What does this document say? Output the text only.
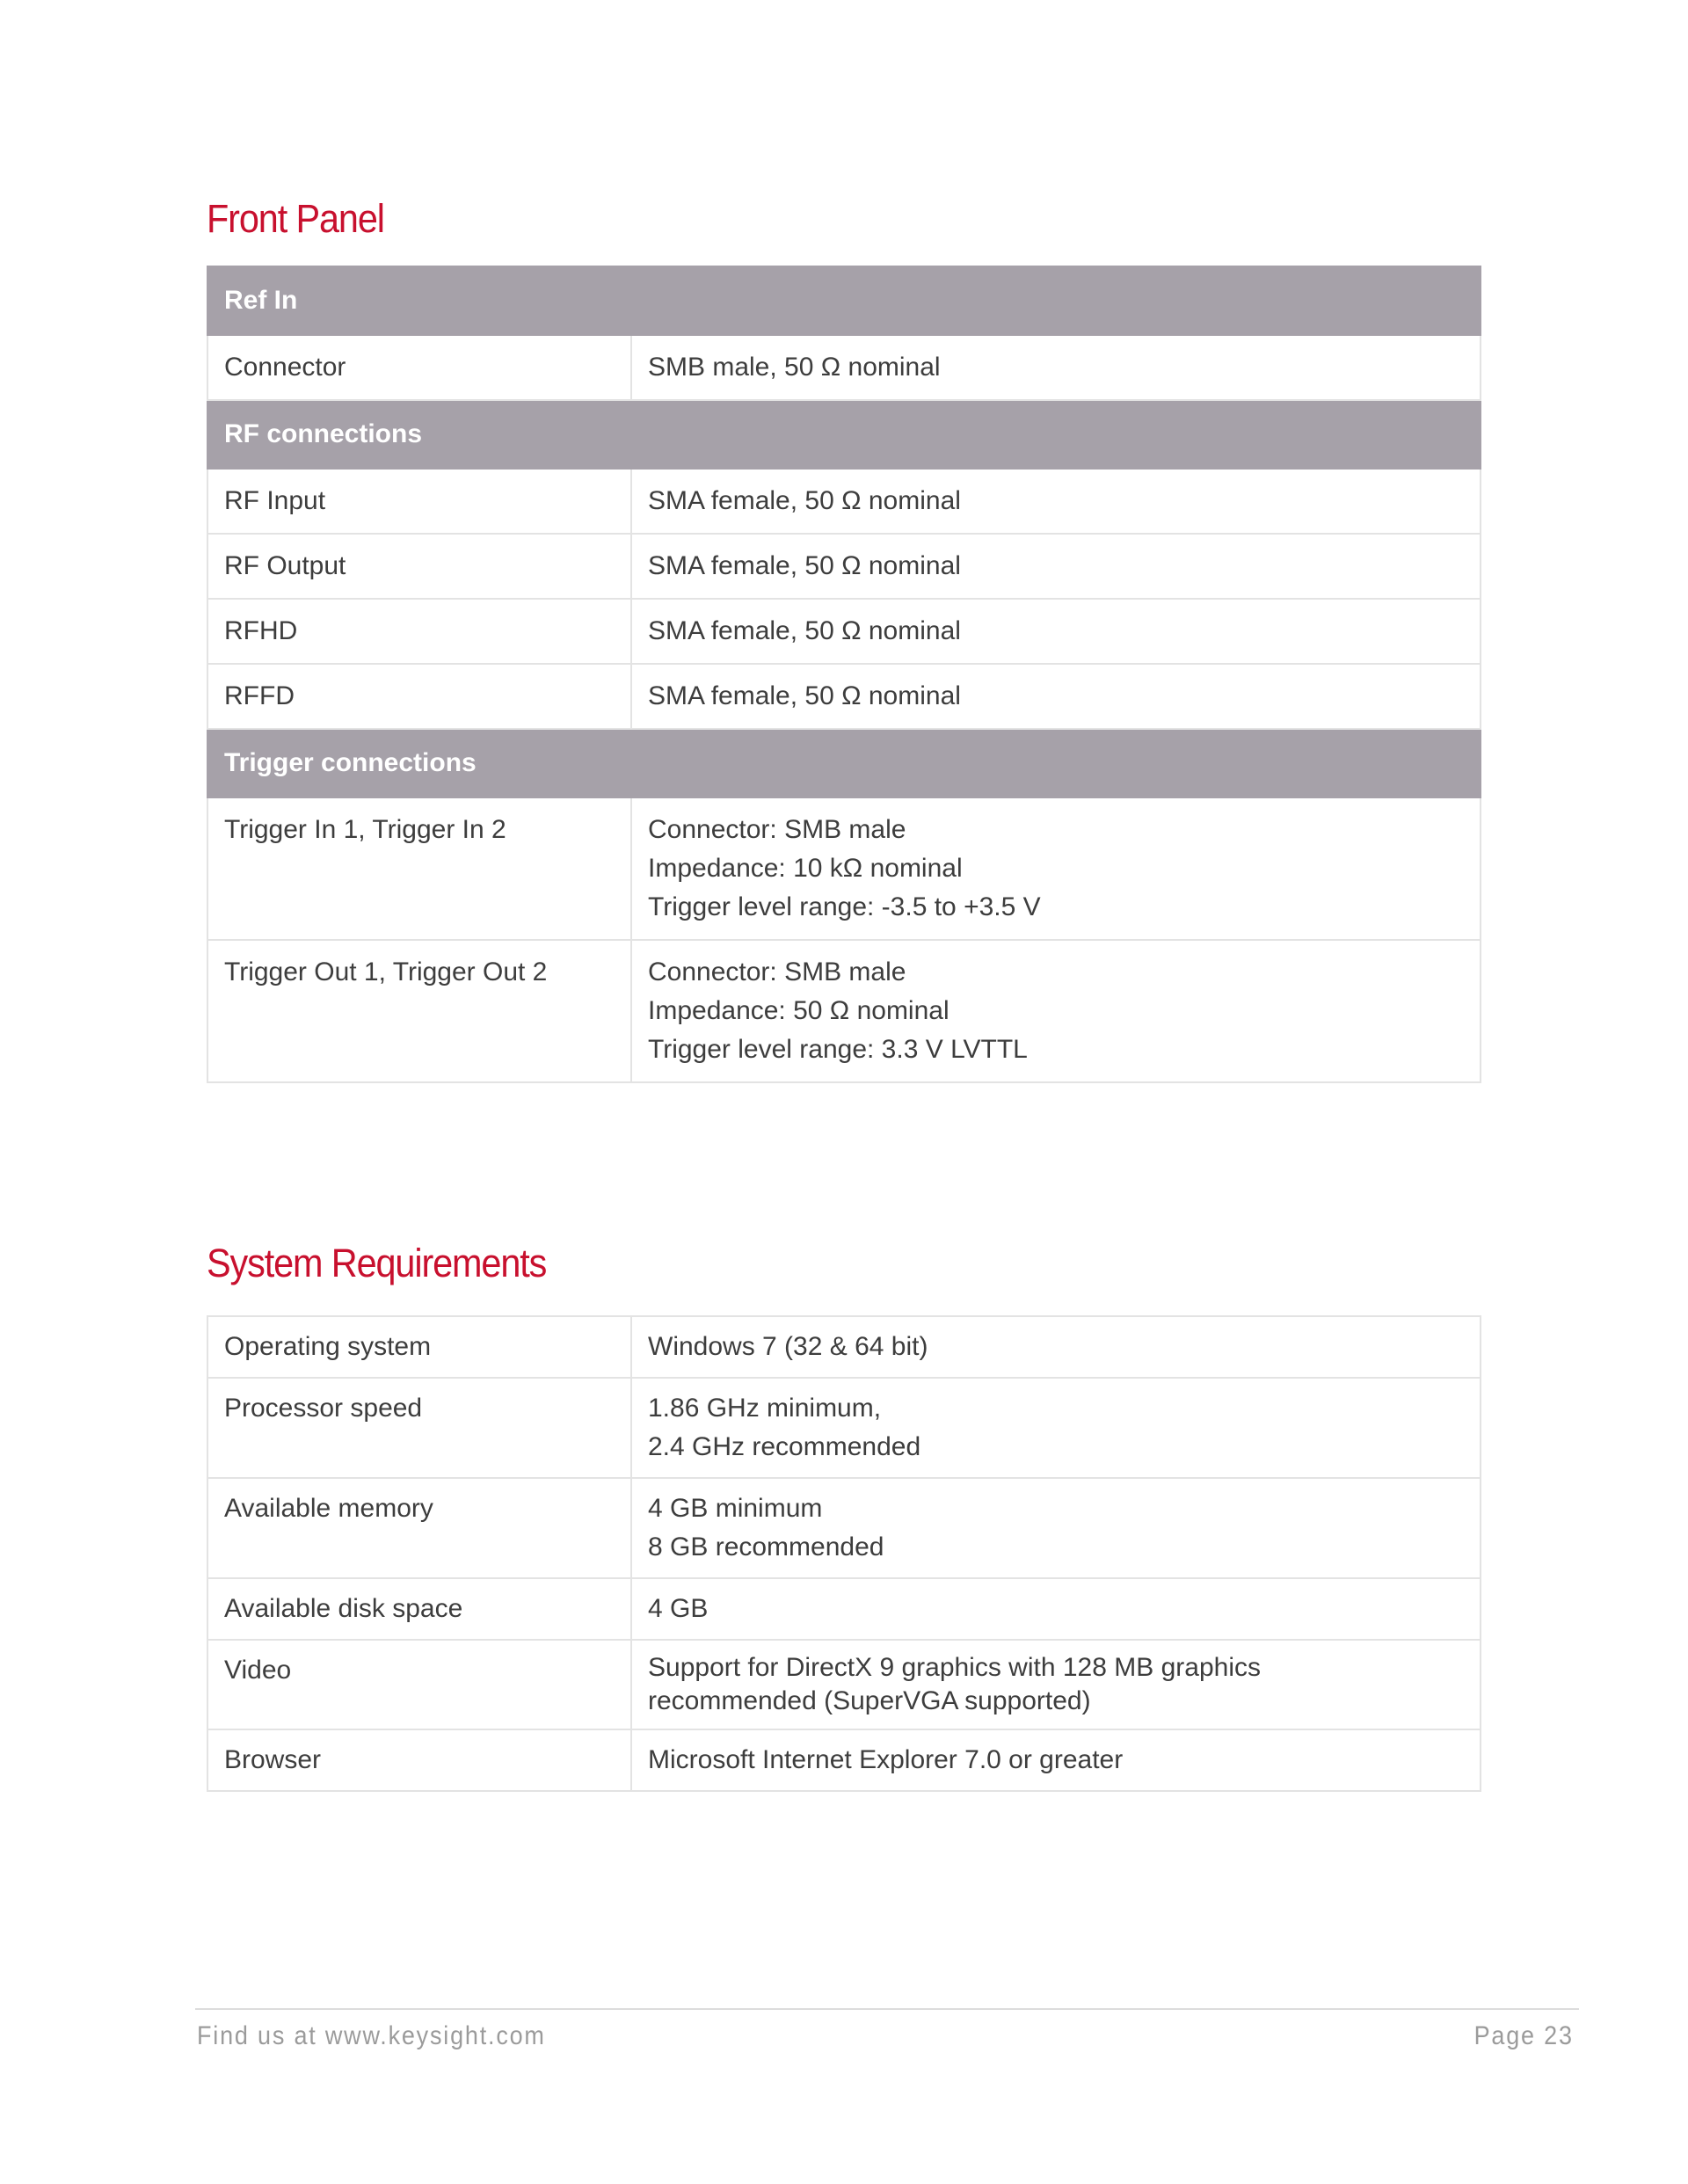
Front Panel
Ref In	
Connector	SMB male, 50 Ω nominal

RF connections	
RF Input	SMA female, 50 Ω nominal

RF Output	SMA female, 50 Ω nominal

RFHD	SMA female, 50 Ω nominal

RFFD	SMA female, 50 Ω nominal

Trigger connections	
Trigger In 1, Trigger In 2	Connector: SMB male
Impedance: 10 kΩ nominal
Trigger level range: -3.5 to +3.5 V

Trigger Out 1, Trigger Out 2	Connector: SMB male
Impedance: 50 Ω nominal
Trigger level range: 3.3 V LVTTL
System Requirements
Operating system	Windows 7 (32 & 64 bit)

Processor speed	1.86 GHz minimum,
2.4 GHz recommended

Available memory	4 GB minimum
8 GB recommended

Available disk space	4 GB

Video	Support for DirectX 9 graphics with 128 MB graphics
recommended (SuperVGA supported)

Browser	Microsoft Internet Explorer 7.0 or greater
Find us at www.keysight.com	Page 23
